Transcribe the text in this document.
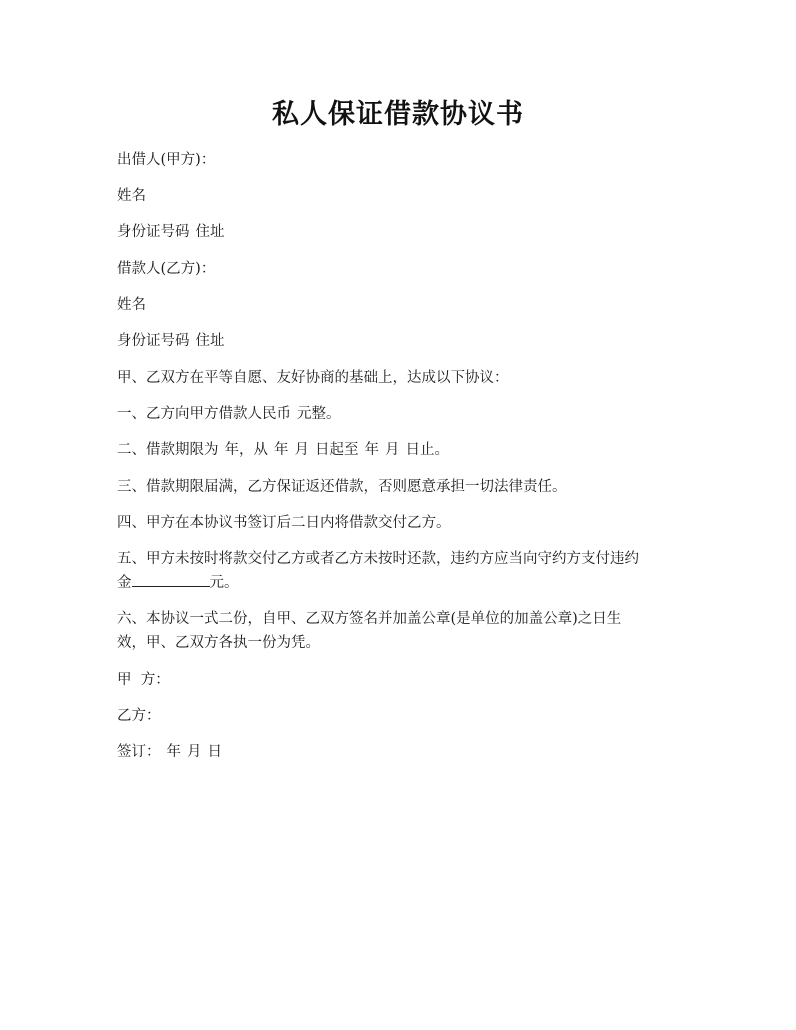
私人保证借款协议书
出借人(甲方)：
姓名
身份证号码 住址
借款人(乙方)：
姓名
身份证号码 住址
甲、乙双方在平等自愿、友好协商的基础上，达成以下协议：
一、乙方向甲方借款人民币 元整。
二、借款期限为 年，从 年 月 日起至 年 月 日止。
三、借款期限届满，乙方保证返还借款，否则愿意承担一切法律责任。
四、甲方在本协议书签订后二日内将借款交付乙方。
五、甲方未按时将款交付乙方或者乙方未按时还款，违约方应当向守约方支付违约
金	元。
六、本协议一式二份，自甲、乙双方签名并加盖公章(是单位的加盖公章)之日生
效，甲、乙双方各执一份为凭。
甲  方：
乙方：
签订： 年 月 日
